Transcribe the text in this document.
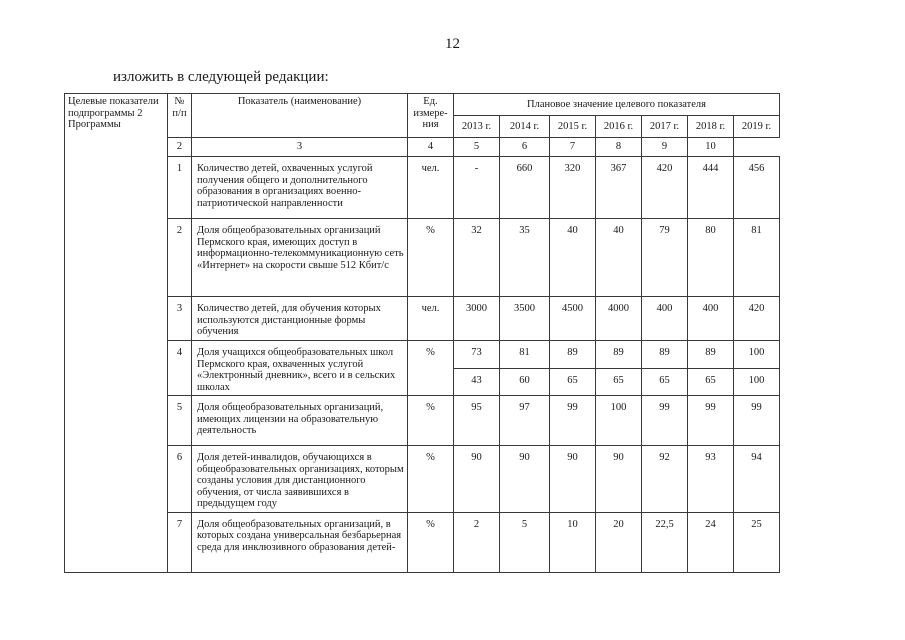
12
изложить в следующей редакции:
Целевые показатели подпрограммы 2 Программы	№ п/п	Показатель (наименование)	Ед. измере-ния	Плановое значение целевого показателя						
				2013 г.	2014 г.	2015 г.	2016 г.	2017 г.	2018 г.	2019 г.
	2	3	4	5	6	7	8	9	10	
	1	Количество детей, охваченных услугой получения общего и дополнительного образования в организациях военно-патриотической направленности	чел.	-	660	320	367	420	444	456
	2	Доля общеобразовательных организаций Пермского края, имеющих доступ в информационно-телекоммуникационную сеть «Интернет» на скорости свыше 512 Кбит/с	%	32	35	40	40	79	80	81
	3	Количество детей, для обучения которых используются дистанционные формы обучения	чел.	3000	3500	4500	4000	400	400	420
	4	Доля учащихся общеобразовательных школ Пермского края, охваченных услугой «Электронный дневник», всего и в сельских школах	%	73	81	89	89	89	89	100
				43	60	65	65	65	65	100
	5	Доля общеобразовательных организаций, имеющих лицензии на образовательную деятельность	%	95	97	99	100	99	99	99
	6	Доля детей-инвалидов, обучающихся в общеобразовательных организациях, которым созданы условия для дистанционного обучения, от числа заявившихся в предыдущем году	%	90	90	90	90	92	93	94
	7	Доля общеобразовательных организаций, в которых создана универсальная безбарьерная среда для инклюзивного образования детей-	%	2	5	10	20	22,5	24	25
